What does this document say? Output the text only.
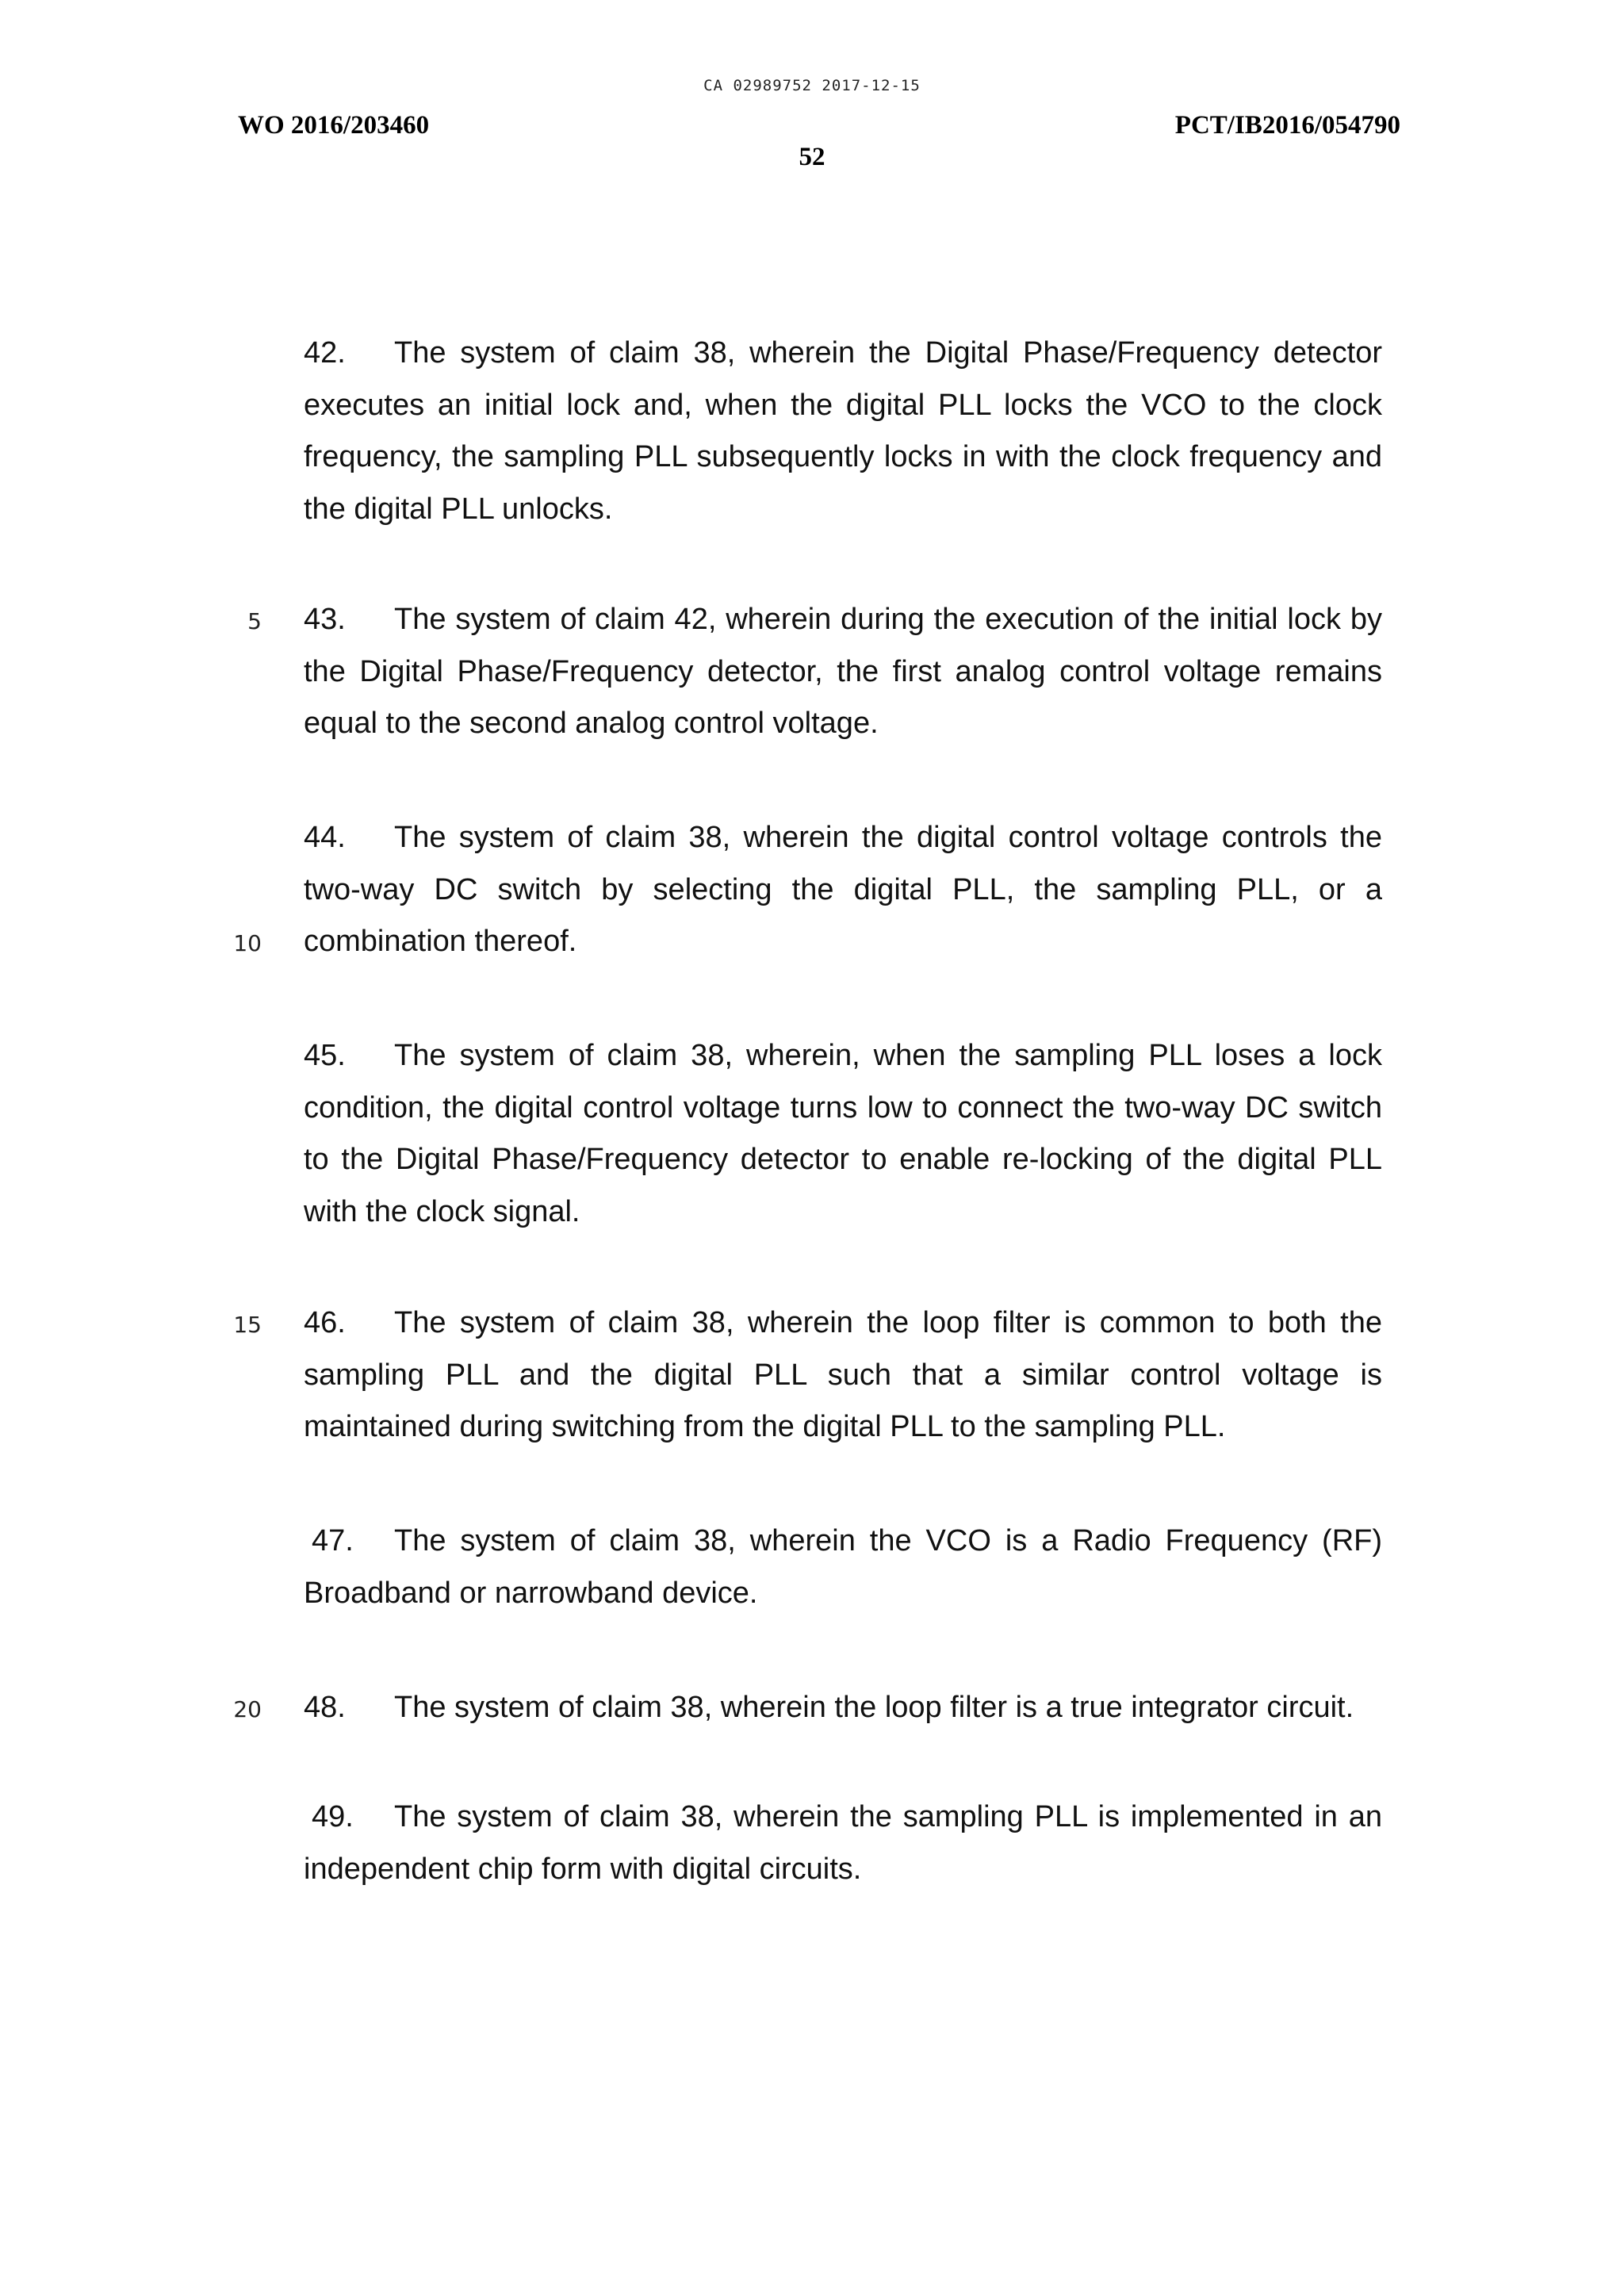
CA 02989752 2017-12-15
WO 2016/203460	PCT/IB2016/054790
52
42. The system of claim 38, wherein the Digital Phase/Frequency detector executes an initial lock and, when the digital PLL locks the VCO to the clock frequency, the sampling PLL subsequently locks in with the clock frequency and the digital PLL unlocks.
43. The system of claim 42, wherein during the execution of the initial lock by the Digital Phase/Frequency detector, the first analog control voltage remains equal to the second analog control voltage.
44. The system of claim 38, wherein the digital control voltage controls the two-way DC switch by selecting the digital PLL, the sampling PLL, or a combination thereof.
45. The system of claim 38, wherein, when the sampling PLL loses a lock condition, the digital control voltage turns low to connect the two-way DC switch to the Digital Phase/Frequency detector to enable re-locking of the digital PLL with the clock signal.
46. The system of claim 38, wherein the loop filter is common to both the sampling PLL and the digital PLL such that a similar control voltage is maintained during switching from the digital PLL to the sampling PLL.
47. The system of claim 38, wherein the VCO is a Radio Frequency (RF) Broadband or narrowband device.
48. The system of claim 38, wherein the loop filter is a true integrator circuit.
49. The system of claim 38, wherein the sampling PLL is implemented in an independent chip form with digital circuits.
5
10
15
20
